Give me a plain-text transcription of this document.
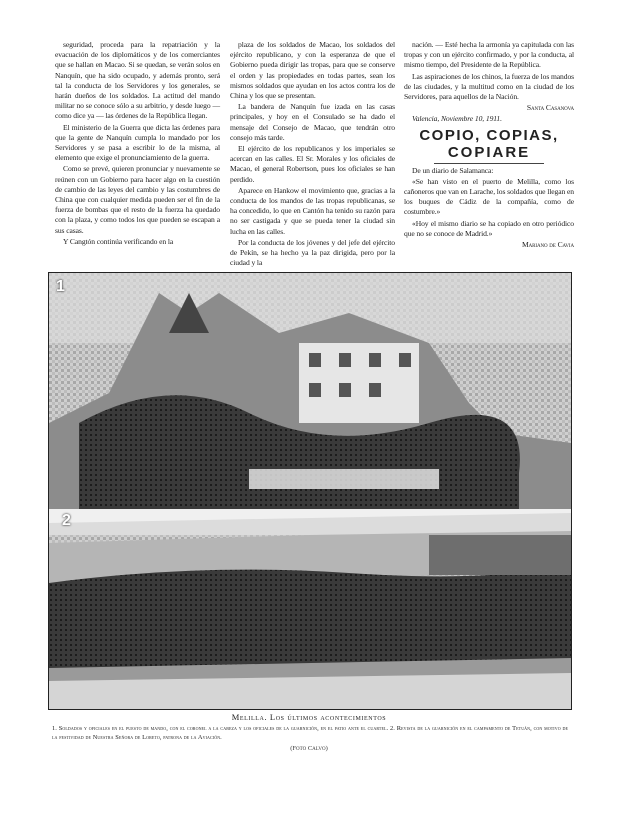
seguridad, proceda para la repatriación y la evacuación de los diplomáticos y de los comerciantes que se hallan en Macao. Si se quedan, se verán solos en Nanquín, que ha sido ocupado, y además pronto, será tal la conducta de los Servidores y los generales, se harán dueños de los soldados. La actitud del mando militar no se conoce sólo a su arbitrio, y desde luego — como dice ya — las órdenes de la República llegan.

El ministerio de la Guerra que dicta las órdenes para que la gente de Nanquín cumpla lo mandado por los Servidores y se pasa a escribir lo de la misma, al elemento que exige el pronunciamiento de la guerra.

Como se prevé, quieren pronunciar y nuevamente se reúnen con un Gobierno para hacer algo en la cuestión de cambio de las leyes del cambio y las costumbres de China que con cualquier medida pueden ser el fin de la fuerza de bombas que el resto de la fuerza ha quedado con la plaza, y como todos los que pueden se escapan a sus casas.

Y Cangtón continúa verificando en la

plaza de los soldados de Macao, los soldados del ejército republicano, y con la esperanza de que el Gobierno pueda dirigir las tropas, para que se conserve el orden y las propiedades en todas partes, sean los mismos soldados que ayudan en los actos contra los de China y los que se presentan.

La bandera de Nanquín fue izada en las casas principales, y hoy en el Consulado se ha dado el mensaje del Consejo de Macao, que tendrán otro consejo más tarde.

El ejército de los republicanos y los imperiales se acercan en las calles. El Sr. Morales y los oficiales de Macao, el general Robertson, pues los oficiales se han perdido.

Aparece en Hankow el movimiento que, gracias a la conducta de los mandos de las tropas republicanas, se ha concedido, lo que en Cantón ha tenido su razón para no ser castigada y que se pueda tener la ciudad sin lucha en las calles.

Por la conducta de los jóvenes y del jefe del ejército de Pekín, se ha hecho ya la paz dirigida, pero por la ciudad y la

nación. — Esté hecha la armonía ya capitulada con las tropas y con un ejército confirmado, y por la conducta, al mismo tiempo, del Presidente de la República.

Las aspiraciones de los chinos, la fuerza de los mandos de las ciudades, y la multitud como en la ciudad de los Servidores, para aquellos de la Nación.

Santa Casanova

Valencia, Noviembre 10, 1911.

COPIO, COPIAS,
COPIARE

De un diario de Salamanca:

«Se han visto en el puerto de Melilla, como los cañoneros que van en Larache, los soldados que llegan en los buques de Cádiz de la compañía, como de costumbre.»

«Hoy el mismo diario se ha copiado en otro periódico que no se conoce de Madrid.»

Mariano de Cavia

1
2
Melilla. Los últimos acontecimientos
1. Soldados y oficiales en el puesto de mando, con el coronel a la cabeza y los oficiales de la guarnición, en el patio ante el cuartel. 2. Revista de la guarnición en el campamento de Tetuán, con motivo de la festividad de Nuestra Señora de Loreto, patrona de la Aviación.
(Foto Calvo)
